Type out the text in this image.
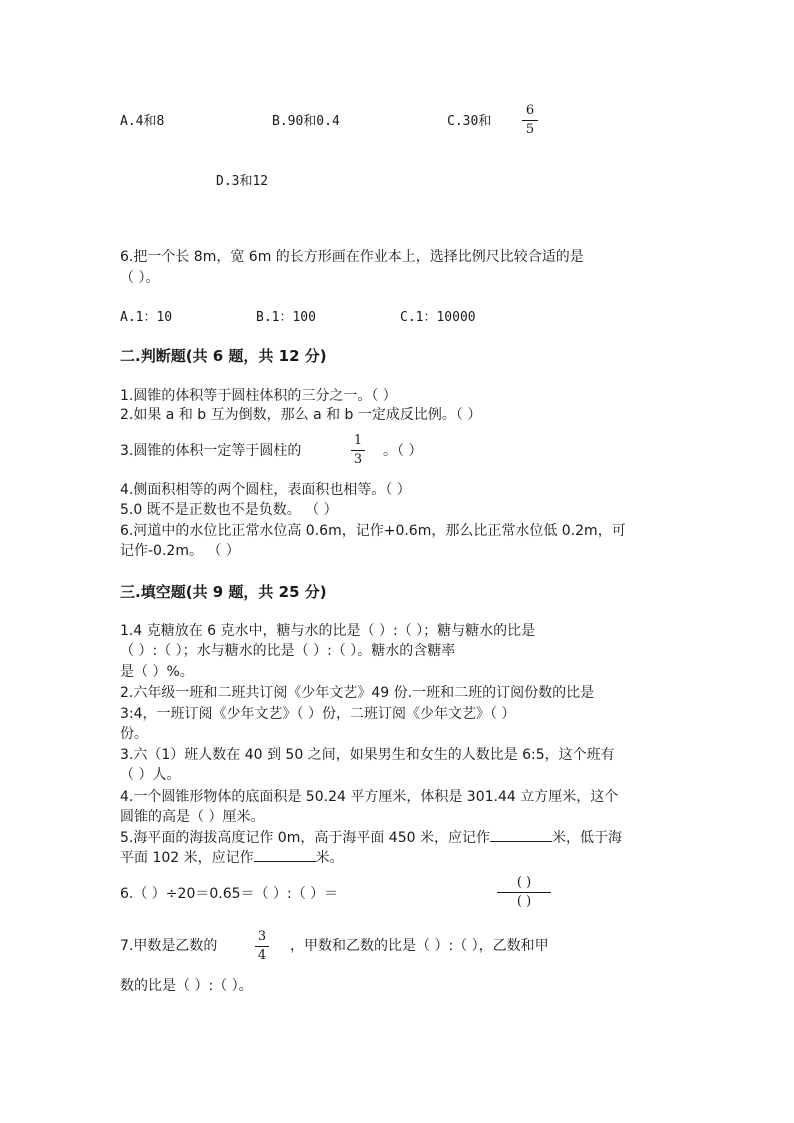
A.4和8	B.90和0.4	C.30和
6
5
D.3和12
6.把一个长 8m，宽 6m 的长方形画在作业本上，选择比例尺比较合适的是
（ ）。
A.1：10	B.1：100	C.1：10000
二.判断题(共 6 题，共 12 分)
1.圆锥的体积等于圆柱体积的三分之一。（ ）
2.如果 a 和 b 互为倒数，那么 a 和 b 一定成反比例。（ ）
3.圆锥的体积一定等于圆柱的
1
3
。（ ）
4.侧面积相等的两个圆柱，表面积也相等。（ ）
5.0 既不是正数也不是负数。 （ ）
6.河道中的水位比正常水位高 0.6m，记作+0.6m，那么比正常水位低 0.2m，可
记作-0.2m。 （ ）
三.填空题(共 9 题，共 25 分)
1.4 克糖放在 6 克水中，糖与水的比是（ ）:（ ）；糖与糖水的比是
（ ）:（ ）；水与糖水的比是（ ）:（ ）。糖水的含糖率
是（ ）%。
2.六年级一班和二班共订阅《少年文艺》49 份.一班和二班的订阅份数的比是
3:4，一班订阅《少年文艺》（ ）份，二班订阅《少年文艺》（ ）
份。
3.六（1）班人数在 40 到 50 之间，如果男生和女生的人数比是 6:5，这个班有
（ ）人。
4.一个圆锥形物体的底面积是 50.24 平方厘米，体积是 301.44 立方厘米，这个
圆锥的高是（ ）厘米。
5.海平面的海拔高度记作 0m，高于海平面 450 米，应记作	米，低于海
平面 102 米，应记作	米。
6.（ ）÷20＝0.65＝（ ）:（ ）＝
( )
( )
7.甲数是乙数的
3
4
，甲数和乙数的比是（ ）:（ ），乙数和甲
数的比是（ ）:（ ）。
